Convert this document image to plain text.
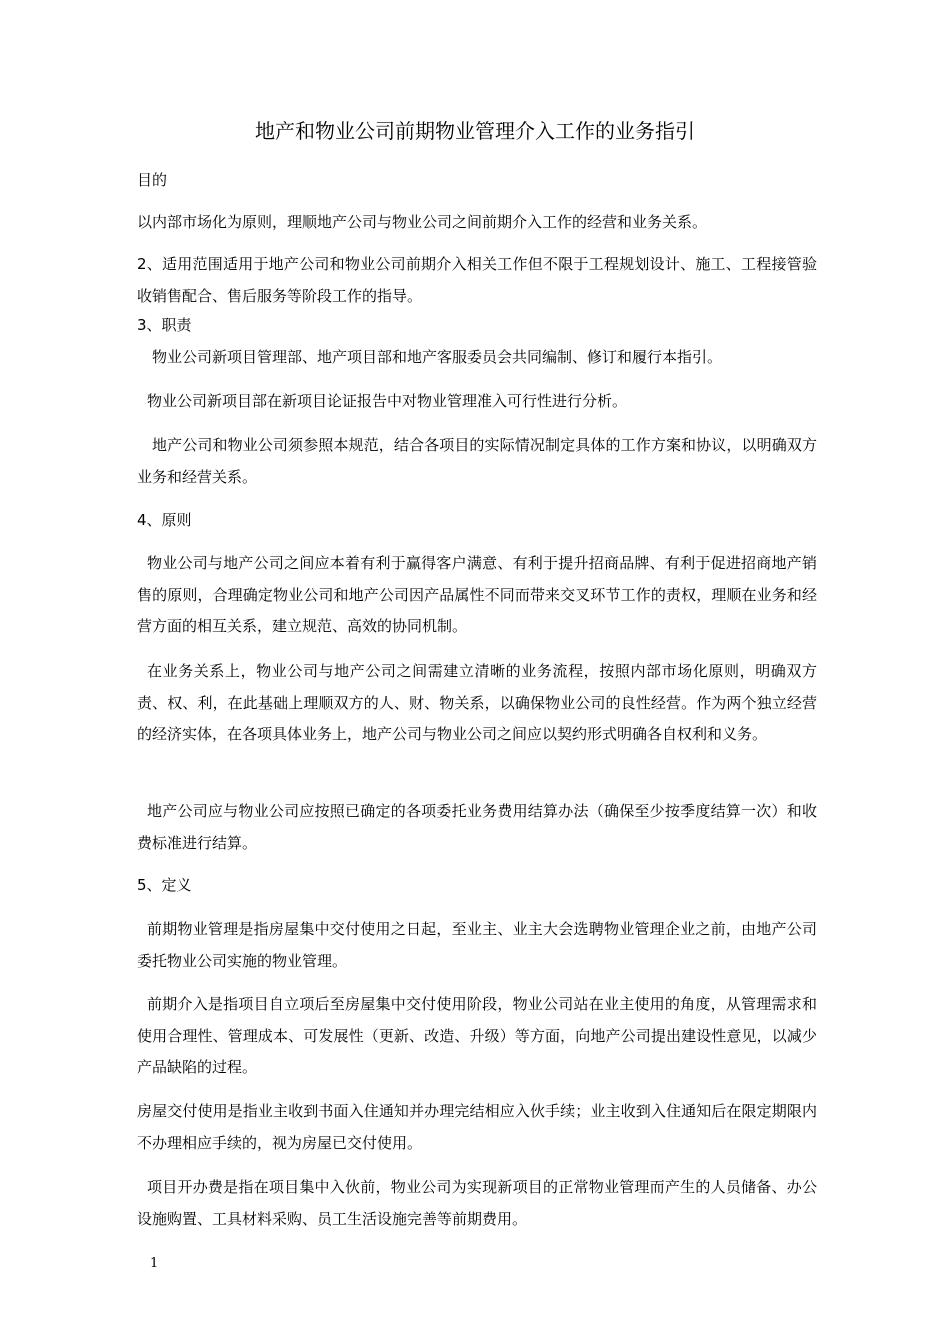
地产和物业公司前期物业管理介入工作的业务指引
目的
以内部市场化为原则，理顺地产公司与物业公司之间前期介入工作的经营和业务关系。
2、适用范围适用于地产公司和物业公司前期介入相关工作但不限于工程规划设计、施工、工程接管验收销售配合、售后服务等阶段工作的指导。
3、职责
物业公司新项目管理部、地产项目部和地产客服委员会共同编制、修订和履行本指引。
物业公司新项目部在新项目论证报告中对物业管理准入可行性进行分析。
地产公司和物业公司须参照本规范，结合各项目的实际情况制定具体的工作方案和协议，以明确双方业务和经营关系。
4、原则
物业公司与地产公司之间应本着有利于赢得客户满意、有利于提升招商品牌、有利于促进招商地产销售的原则，合理确定物业公司和地产公司因产品属性不同而带来交叉环节工作的责权，理顺在业务和经营方面的相互关系，建立规范、高效的协同机制。
在业务关系上，物业公司与地产公司之间需建立清晰的业务流程，按照内部市场化原则，明确双方责、权、利，在此基础上理顺双方的人、财、物关系，以确保物业公司的良性经营。作为两个独立经营的经济实体，在各项具体业务上，地产公司与物业公司之间应以契约形式明确各自权利和义务。
地产公司应与物业公司应按照已确定的各项委托业务费用结算办法（确保至少按季度结算一次）和收费标准进行结算。
5、定义
前期物业管理是指房屋集中交付使用之日起，至业主、业主大会选聘物业管理企业之前，由地产公司委托物业公司实施的物业管理。
前期介入是指项目自立项后至房屋集中交付使用阶段，物业公司站在业主使用的角度，从管理需求和使用合理性、管理成本、可发展性（更新、改造、升级）等方面，向地产公司提出建设性意见，以减少产品缺陷的过程。
房屋交付使用是指业主收到书面入住通知并办理完结相应入伙手续；业主收到入住通知后在限定期限内不办理相应手续的，视为房屋已交付使用。
项目开办费是指在项目集中入伙前，物业公司为实现新项目的正常物业管理而产生的人员储备、办公设施购置、工具材料采购、员工生活设施完善等前期费用。
1
